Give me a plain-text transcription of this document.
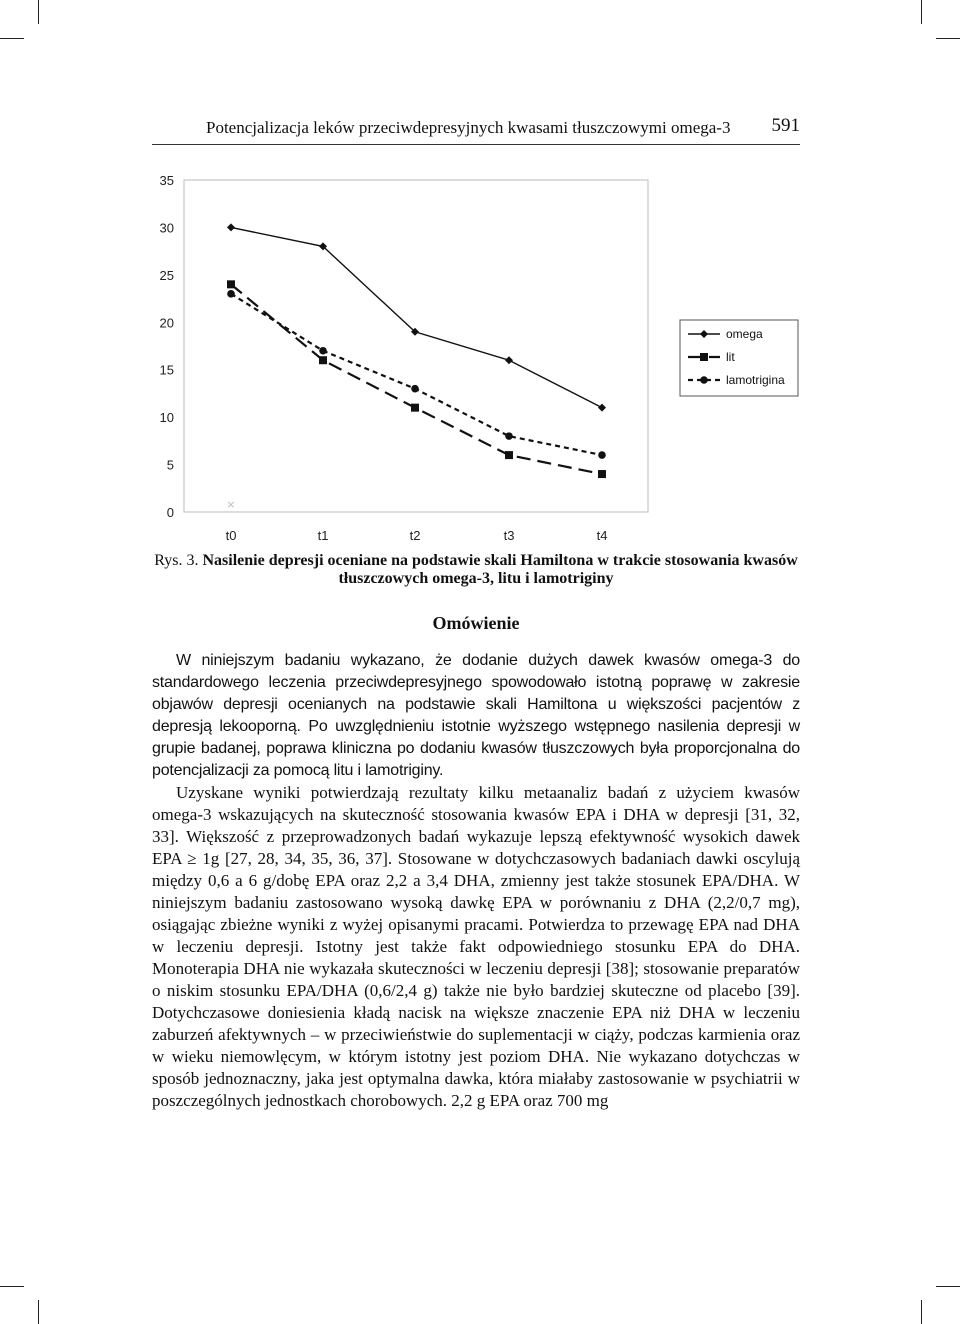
Potencjalizacja leków przeciwdepresyjnych kwasami tłuszczowymi omega-3 591
0
5
10
15
20
25
30
35
t0	t1	t2	t3	t4
×
omega
lit
lamotrigina
Rys. 3. Nasilenie depresji oceniane na podstawie skali Hamiltona w trakcie stosowania kwasów tłuszczowych omega-3, litu i lamotriginy
Omówienie

W niniejszym badaniu wykazano, że dodanie dużych dawek kwasów omega-3 do standardowego leczenia przeciwdepresyjnego spowodowało istotną poprawę w zakresie objawów depresji ocenianych na podstawie skali Hamiltona u większości pacjentów z depresją lekooporną. Po uwzględnieniu istotnie wyższego wstępnego nasilenia depresji w grupie badanej, poprawa kliniczna po dodaniu kwasów tłuszczowych była proporcjonalna do potencjalizacji za pomocą litu i lamotriginy.

Uzyskane wyniki potwierdzają rezultaty kilku metaanaliz badań z użyciem kwasów omega-3 wskazujących na skuteczność stosowania kwasów EPA i DHA w depresji [31, 32, 33]. Większość z przeprowadzonych badań wykazuje lepszą efektywność wysokich dawek EPA ≥ 1g [27, 28, 34, 35, 36, 37]. Stosowane w dotychczasowych badaniach dawki oscylują między 0,6 a 6 g/dobę EPA oraz 2,2 a 3,4 DHA, zmienny jest także stosunek EPA/DHA. W niniejszym badaniu zastosowano wysoką dawkę EPA w porównaniu z DHA (2,2/0,7 mg), osiągając zbieżne wyniki z wyżej opisanymi pracami. Potwierdza to przewagę EPA nad DHA w leczeniu depresji. Istotny jest także fakt odpowiedniego stosunku EPA do DHA. Monoterapia DHA nie wykazała skuteczności w leczeniu depresji [38]; stosowanie preparatów o niskim stosunku EPA/DHA (0,6/2,4 g) także nie było bardziej skuteczne od placebo [39]. Dotychczasowe doniesienia kładą nacisk na większe znaczenie EPA niż DHA w leczeniu zaburzeń afektywnych – w przeciwieństwie do suplementacji w ciąży, podczas karmienia oraz w wieku niemowlęcym, w którym istotny jest poziom DHA. Nie wykazano dotychczas w sposób jednoznaczny, jaka jest optymalna dawka, która miałaby zastosowanie w psychiatrii w poszczególnych jednostkach chorobowych. 2,2 g EPA oraz 700 mg
